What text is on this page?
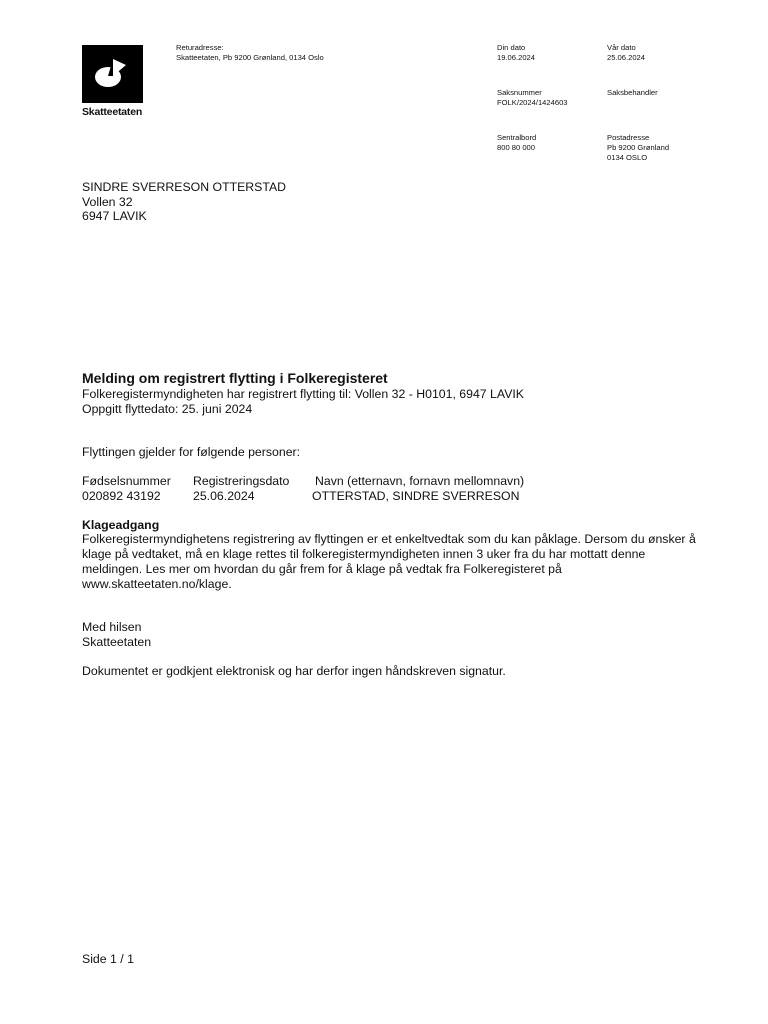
Skatteetaten
Returadresse:
Skatteetaten, Pb 9200 Grønland, 0134 Oslo
Din dato
19.06.2024
Vår dato
25.06.2024
Saksnummer
FOLK/2024/1424603
Saksbehandler
Sentralbord
800 80 000
Postadresse
Pb 9200 Grønland
0134 OSLO
SINDRE SVERRESON OTTERSTAD
Vollen 32
6947 LAVIK
Melding om registrert flytting i Folkeregisteret
Folkeregistermyndigheten har registrert flytting til: Vollen 32 - H0101, 6947 LAVIK
Oppgitt flyttedato: 25. juni 2024
Flyttingen gjelder for følgende personer:
Fødselsnummer Registreringsdato Navn (etternavn, fornavn mellomnavn)
020892 43192	25.06.2024	OTTERSTAD, SINDRE SVERRESON
Klageadgang
Folkeregistermyndighetens registrering av flyttingen er et enkeltvedtak som du kan påklage. Dersom du ønsker å
klage på vedtaket, må en klage rettes til folkeregistermyndigheten innen 3 uker fra du har mottatt denne
meldingen. Les mer om hvordan du går frem for å klage på vedtak fra Folkeregisteret på
www.skatteetaten.no/klage.
Med hilsen
Skatteetaten
Dokumentet er godkjent elektronisk og har derfor ingen håndskreven signatur.
Side 1 / 1
